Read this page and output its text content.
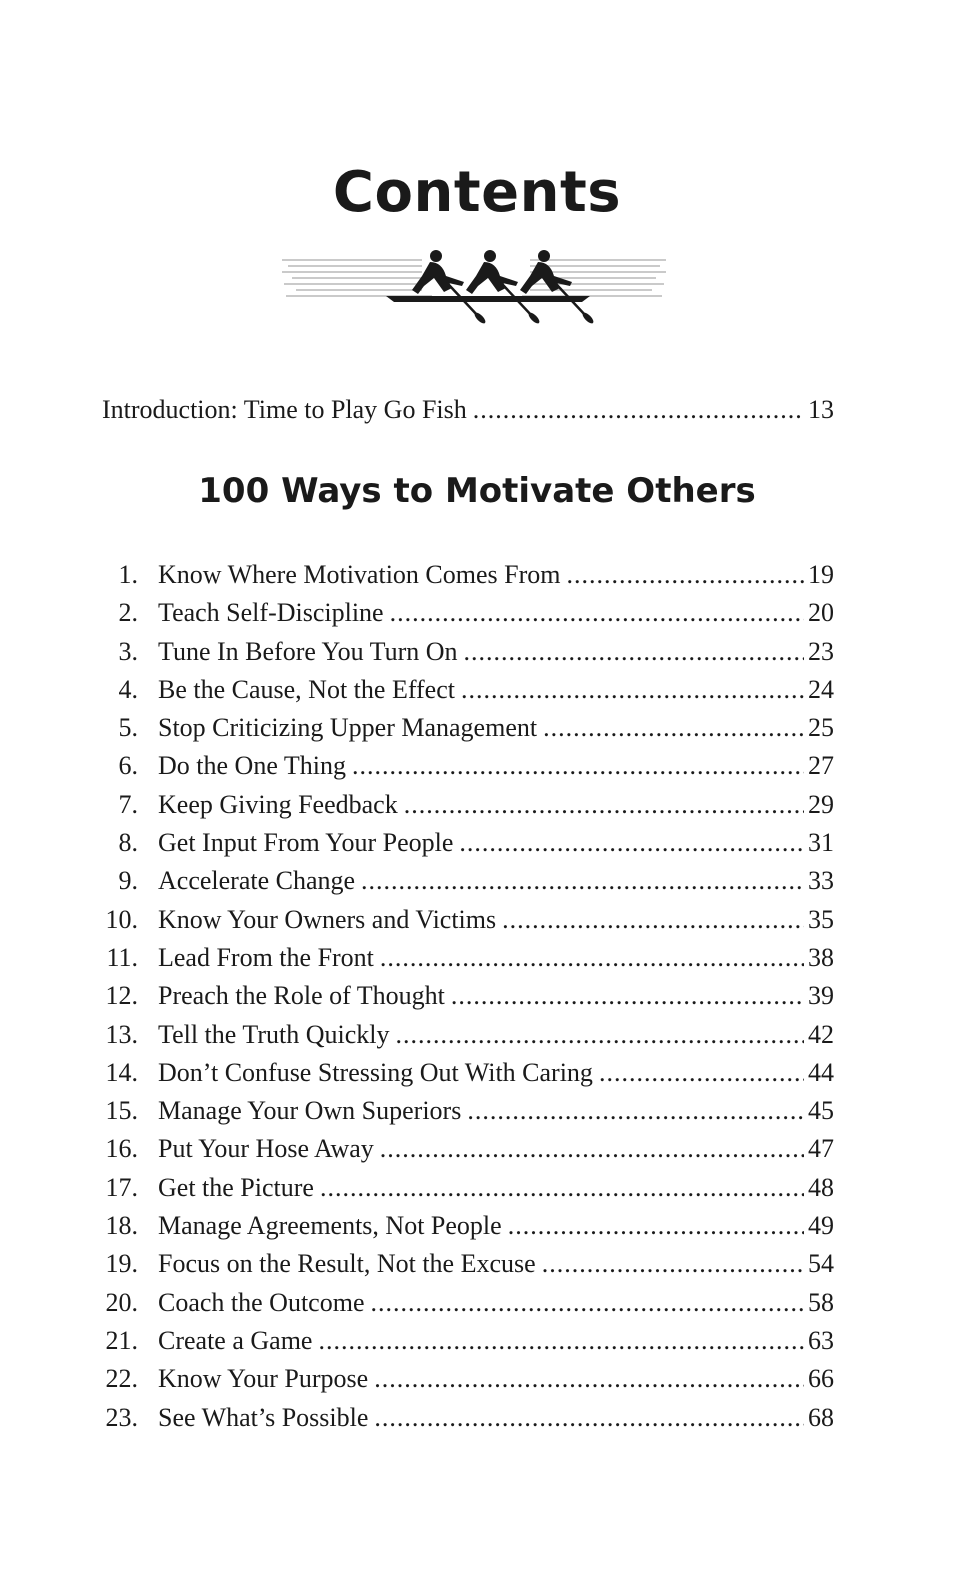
Contents
Introduction: Time to Play Go Fish .....	13
100 Ways to Motivate Others
1. Know Where Motivation Comes From .....	19
2. Teach Self-Discipline .....	20
3. Tune In Before You Turn On .....	23
4. Be the Cause, Not the Effect .....	24
5. Stop Criticizing Upper Management .....	25
6. Do the One Thing .....	27
7. Keep Giving Feedback .....	29
8. Get Input From Your People .....	31
9. Accelerate Change .....	33
10. Know Your Owners and Victims .....	35
11. Lead From the Front .....	38
12. Preach the Role of Thought .....	39
13. Tell the Truth Quickly .....	42
14. Don’t Confuse Stressing Out With Caring .....	44
15. Manage Your Own Superiors .....	45
16. Put Your Hose Away .....	47
17. Get the Picture .....	48
18. Manage Agreements, Not People .....	49
19. Focus on the Result, Not the Excuse .....	54
20. Coach the Outcome .....	58
21. Create a Game .....	63
22. Know Your Purpose .....	66
23. See What’s Possible .....	68
